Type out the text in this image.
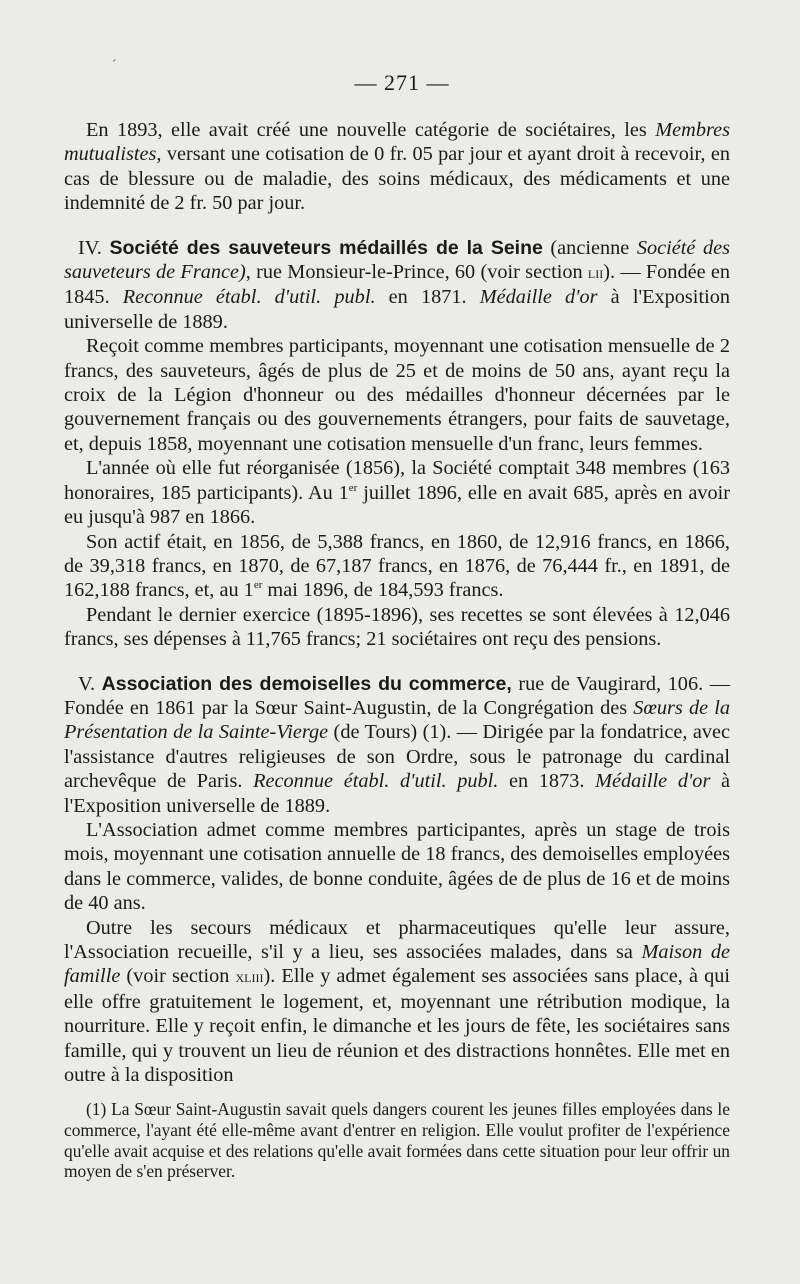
´
— 271 —

En 1893, elle avait créé une nouvelle catégorie de sociétaires, les Membres mutualistes, versant une cotisation de 0 fr. 05 par jour et ayant droit à recevoir, en cas de blessure ou de maladie, des soins médicaux, des médicaments et une indemnité de 2 fr. 50 par jour.

IV. Société des sauveteurs médaillés de la Seine (ancienne Société des sauveteurs de France), rue Monsieur-le-Prince, 60 (voir section lii). — Fondée en 1845. Reconnue établ. d'util. publ. en 1871. Médaille d'or à l'Exposition universelle de 1889.

Reçoit comme membres participants, moyennant une cotisation mensuelle de 2 francs, des sauveteurs, âgés de plus de 25 et de moins de 50 ans, ayant reçu la croix de la Légion d'honneur ou des médailles d'honneur décernées par le gouvernement français ou des gouvernements étrangers, pour faits de sauvetage, et, depuis 1858, moyennant une cotisation mensuelle d'un franc, leurs femmes.

L'année où elle fut réorganisée (1856), la Société comptait 348 membres (163 honoraires, 185 participants). Au 1er juillet 1896, elle en avait 685, après en avoir eu jusqu'à 987 en 1866.

Son actif était, en 1856, de 5,388 francs, en 1860, de 12,916 francs, en 1866, de 39,318 francs, en 1870, de 67,187 francs, en 1876, de 76,444 fr., en 1891, de 162,188 francs, et, au 1er mai 1896, de 184,593 francs.

Pendant le dernier exercice (1895-1896), ses recettes se sont élevées à 12,046 francs, ses dépenses à 11,765 francs; 21 sociétaires ont reçu des pensions.

V. Association des demoiselles du commerce, rue de Vaugirard, 106. — Fondée en 1861 par la Sœur Saint-Augustin, de la Congrégation des Sœurs de la Présentation de la Sainte-Vierge (de Tours) (1). — Dirigée par la fondatrice, avec l'assistance d'autres religieuses de son Ordre, sous le patronage du cardinal archevêque de Paris. Reconnue établ. d'util. publ. en 1873. Médaille d'or à l'Exposition universelle de 1889.

L'Association admet comme membres participantes, après un stage de trois mois, moyennant une cotisation annuelle de 18 francs, des demoiselles employées dans le commerce, valides, de bonne conduite, âgées de de plus de 16 et de moins de 40 ans.

Outre les secours médicaux et pharmaceutiques qu'elle leur assure, l'Association recueille, s'il y a lieu, ses associées malades, dans sa Maison de famille (voir section xliii). Elle y admet également ses associées sans place, à qui elle offre gratuitement le logement, et, moyennant une rétribution modique, la nourriture. Elle y reçoit enfin, le dimanche et les jours de fête, les sociétaires sans famille, qui y trouvent un lieu de réunion et des distractions honnêtes. Elle met en outre à la disposition

(1) La Sœur Saint-Augustin savait quels dangers courent les jeunes filles employées dans le commerce, l'ayant été elle-même avant d'entrer en religion. Elle voulut profiter de l'expérience qu'elle avait acquise et des relations qu'elle avait formées dans cette situation pour leur offrir un moyen de s'en préserver.
